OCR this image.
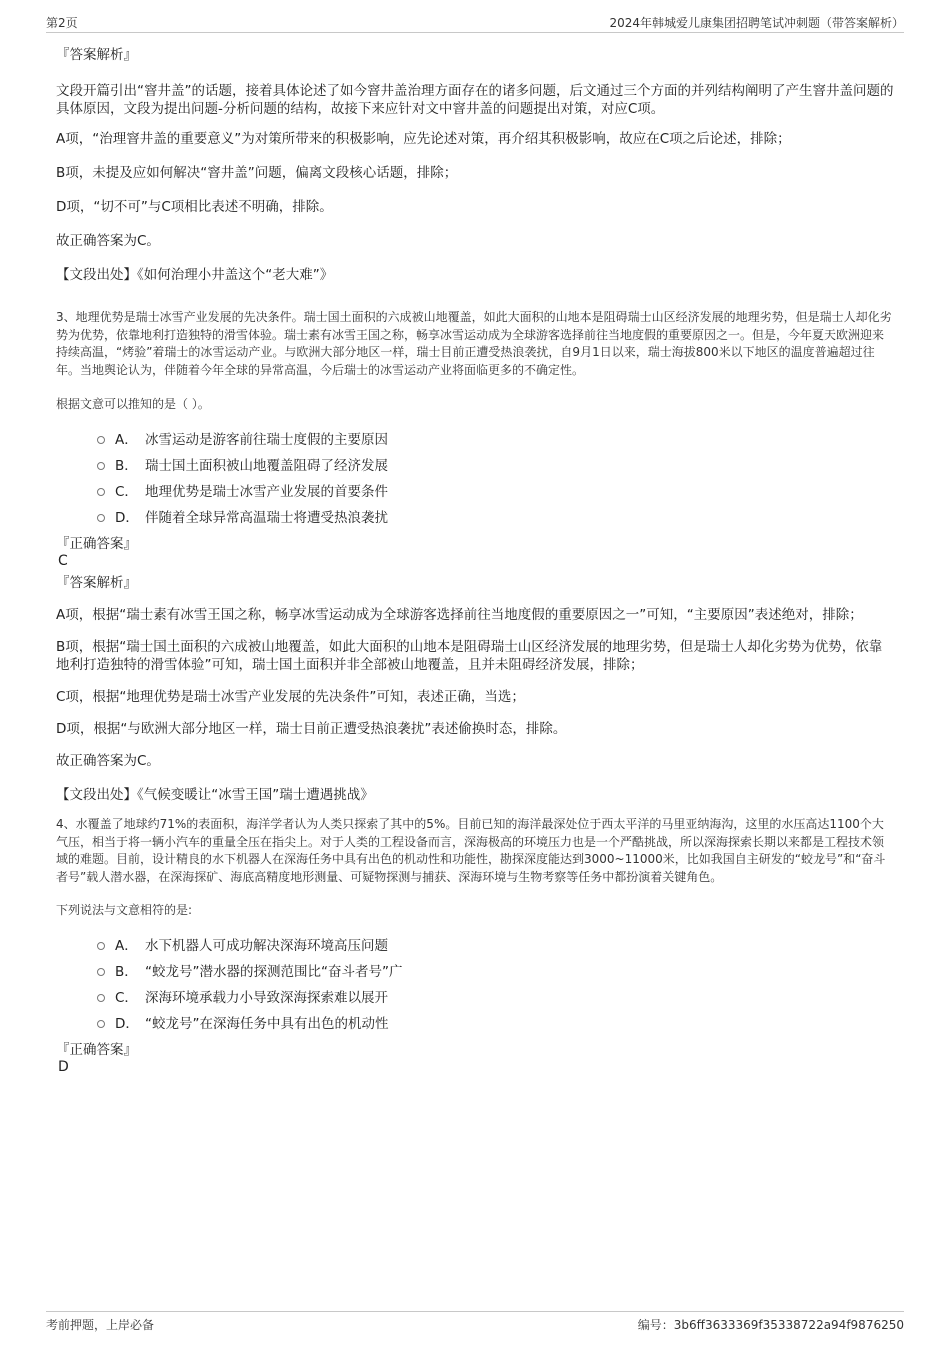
第2页	2024年韩城爱儿康集团招聘笔试冲刺题（带答案解析）
『答案解析』
文段开篇引出“窨井盖”的话题，接着具体论述了如今窨井盖治理方面存在的诸多问题，后文通过三个方面的并列结构阐明了产生窨井盖问题的具体原因，文段为提出问题-分析问题的结构，故接下来应针对文中窨井盖的问题提出对策，对应C项。
A项，“治理窨井盖的重要意义”为对策所带来的积极影响，应先论述对策，再介绍其积极影响，故应在C项之后论述，排除；
B项，未提及应如何解决“窨井盖”问题，偏离文段核心话题，排除；
D项，“切不可”与C项相比表述不明确，排除。
故正确答案为C。
【文段出处】《如何治理小井盖这个“老大难”》
3、地理优势是瑞士冰雪产业发展的先决条件。瑞士国土面积的六成被山地覆盖，如此大面积的山地本是阻碍瑞士山区经济发展的地理劣势，但是瑞士人却化劣势为优势，依靠地利打造独特的滑雪体验。瑞士素有冰雪王国之称，畅享冰雪运动成为全球游客选择前往当地度假的重要原因之一。但是，今年夏天欧洲迎来持续高温，“烤验”着瑞士的冰雪运动产业。与欧洲大部分地区一样，瑞士目前正遭受热浪袭扰，自9月1日以来，瑞士海拔800米以下地区的温度普遍超过往年。当地舆论认为，伴随着今年全球的异常高温，今后瑞士的冰雪运动产业将面临更多的不确定性。
根据文意可以推知的是（ ）。
A． 冰雪运动是游客前往瑞士度假的主要原因
B． 瑞士国土面积被山地覆盖阻碍了经济发展
C． 地理优势是瑞士冰雪产业发展的首要条件
D． 伴随着全球异常高温瑞士将遭受热浪袭扰
『正确答案』
C
『答案解析』
A项，根据“瑞士素有冰雪王国之称，畅享冰雪运动成为全球游客选择前往当地度假的重要原因之一”可知，“主要原因”表述绝对，排除；
B项，根据“瑞士国土面积的六成被山地覆盖，如此大面积的山地本是阻碍瑞士山区经济发展的地理劣势，但是瑞士人却化劣势为优势，依靠地利打造独特的滑雪体验”可知，瑞士国土面积并非全部被山地覆盖，且并未阻碍经济发展，排除；
C项，根据“地理优势是瑞士冰雪产业发展的先决条件”可知，表述正确，当选；
D项，根据“与欧洲大部分地区一样，瑞士目前正遭受热浪袭扰”表述偷换时态，排除。
故正确答案为C。
【文段出处】《气候变暖让“冰雪王国”瑞士遭遇挑战》
4、水覆盖了地球约71%的表面积，海洋学者认为人类只探索了其中的5%。目前已知的海洋最深处位于西太平洋的马里亚纳海沟，这里的水压高达1100个大气压，相当于将一辆小汽车的重量全压在指尖上。对于人类的工程设备而言，深海极高的环境压力也是一个严酷挑战，所以深海探索长期以来都是工程技术领域的难题。目前，设计精良的水下机器人在深海任务中具有出色的机动性和功能性，勘探深度能达到3000~11000米，比如我国自主研发的“蛟龙号”和“奋斗者号”载人潜水器，在深海探矿、海底高精度地形测量、可疑物探测与捕获、深海环境与生物考察等任务中都扮演着关键角色。
下列说法与文意相符的是:
A． 水下机器人可成功解决深海环境高压问题
B． “蛟龙号”潜水器的探测范围比“奋斗者号”广
C． 深海环境承载力小导致深海探索难以展开
D． “蛟龙号”在深海任务中具有出色的机动性
『正确答案』
D
考前押题，上岸必备	编号：3b6ff3633369f35338722a94f9876250
